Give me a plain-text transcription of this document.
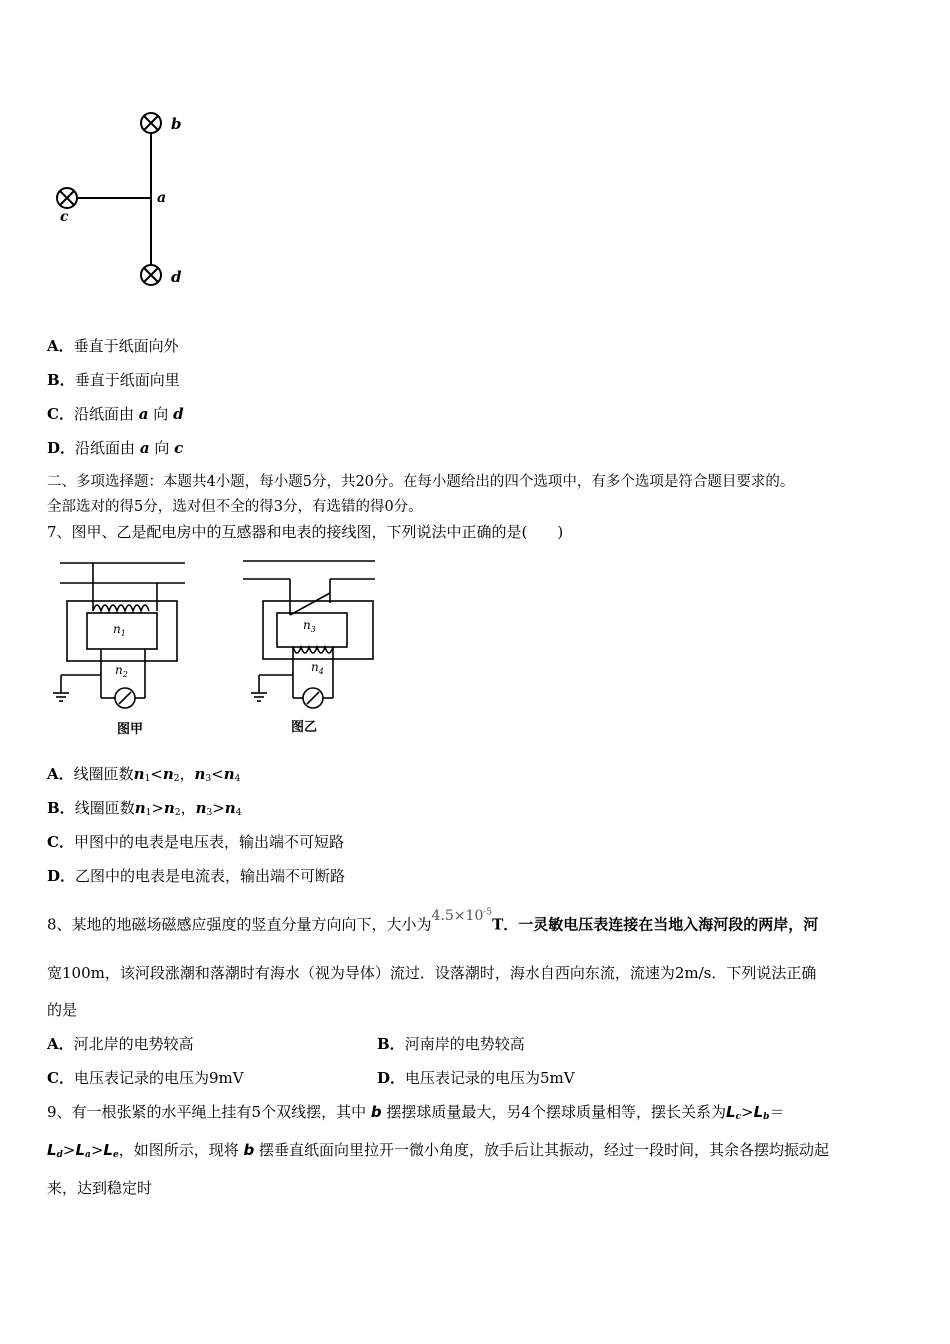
b
a
c
d
A．垂直于纸面向外
B．垂直于纸面向里
C．沿纸面由 a 向 d
D．沿纸面由 a 向 c
二、多项选择题：本题共4小题，每小题5分，共20分。在每小题给出的四个选项中，有多个选项是符合题目要求的。
全部选对的得5分，选对但不全的得3分，有选错的得0分。
7、图甲、乙是配电房中的互感器和电表的接线图，下列说法中正确的是(　　)
$n_1$
$n_2$
$n_3$
$n_4$
图甲	图乙
A．线圈匝数$n_1<n_2$，$n_3<n_4$
B．线圈匝数$n_1>n_2$，$n_3>n_4$
C．甲图中的电表是电压表，输出端不可短路
D．乙图中的电表是电流表，输出端不可断路
8、某地的地磁场磁感应强度的竖直分量方向向下，大小为$4.5\times 10^{-5}T$．一灵敏电压表连接在当地入海河段的两岸，河
宽100m，该河段涨潮和落潮时有海水（视为导体）流过．设落潮时，海水自西向东流，流速为2m/s．下列说法正确
的是
A．河北岸的电势较高	B．河南岸的电势较高
C．电压表记录的电压为9mV	D．电压表记录的电压为5mV
9、有一根张紧的水平绳上挂有5个双线摆，其中 b 摆摆球质量最大，另4个摆球质量相等，摆长关系为$L_c>L_b=$
$L_d>L_a>L_e$，如图所示，现将 b 摆垂直纸面向里拉开一微小角度，放手后让其振动，经过一段时间，其余各摆均振动起
来，达到稳定时
